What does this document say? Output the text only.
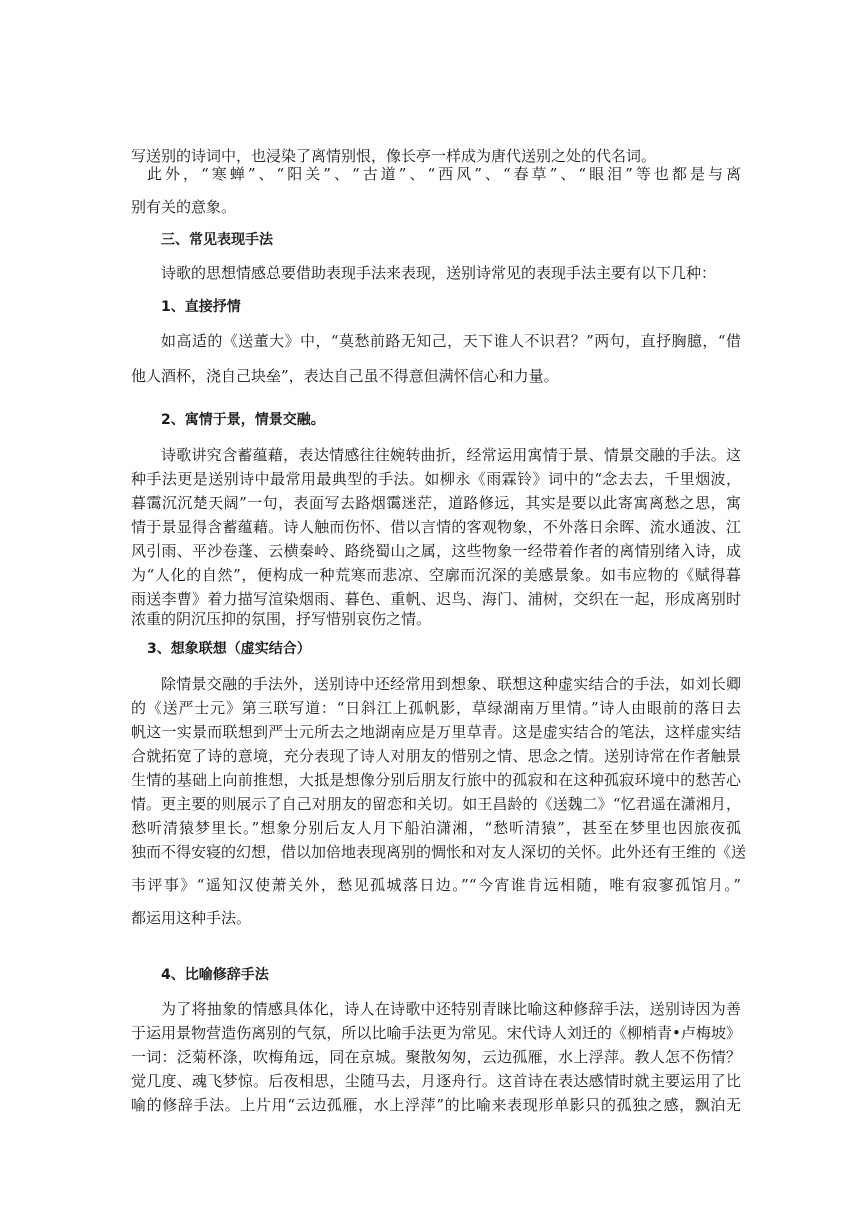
写送别的诗词中，也浸染了离情别恨，像长亭一样成为唐代送别之处的代名词。

此外，“寒蝉”、“阳关”、“古道”、“西风”、“春草”、“眼泪”等也都是与离

别有关的意象。

三、常见表现手法

诗歌的思想情感总要借助表现手法来表现，送别诗常见的表现手法主要有以下几种：

1、直接抒情

如高适的《送董大》中，“莫愁前路无知己，天下谁人不识君？”两句，直抒胸臆，“借

他人酒杯，浇自己块垒”，表达自己虽不得意但满怀信心和力量。

2、寓情于景，情景交融。

诗歌讲究含蓄蕴藉，表达情感往往婉转曲折，经常运用寓情于景、情景交融的手法。这

种手法更是送别诗中最常用最典型的手法。如柳永《雨霖铃》词中的“念去去，千里烟波，

暮霭沉沉楚天阔”一句，表面写去路烟霭迷茫，道路修远，其实是要以此寄寓离愁之思，寓

情于景显得含蓄蕴藉。诗人触而伤怀、借以言情的客观物象，不外落日余晖、流水通波、江

风引雨、平沙卷蓬、云横秦岭、路绕蜀山之属，这些物象一经带着作者的离情别绪入诗，成

为“人化的自然”，便构成一种荒寒而悲凉、空廓而沉深的美感景象。如韦应物的《赋得暮

雨送李曹》着力描写渲染烟雨、暮色、重帆、迟鸟、海门、浦树，交织在一起，形成离别时

浓重的阴沉压抑的氛围，抒写惜别哀伤之情。

3、想象联想（虚实结合）

除情景交融的手法外，送别诗中还经常用到想象、联想这种虚实结合的手法，如刘长卿

的《送严士元》第三联写道：“日斜江上孤帆影，草绿湖南万里情。”诗人由眼前的落日去

帆这一实景而联想到严士元所去之地湖南应是万里草青。这是虚实结合的笔法，这样虚实结

合就拓宽了诗的意境，充分表现了诗人对朋友的惜别之情、思念之情。送别诗常在作者触景

生情的基础上向前推想，大抵是想像分别后朋友行旅中的孤寂和在这种孤寂环境中的愁苦心

情。更主要的则展示了自己对朋友的留恋和关切。如王昌龄的《送魏二》“忆君遥在潇湘月，

愁听清猿梦里长。”想象分别后友人月下船泊潇湘，“愁听清猿”，甚至在梦里也因旅夜孤

独而不得安寝的幻想，借以加倍地表现离别的惆怅和对友人深切的关怀。此外还有王维的《送

韦评事》“遥知汉使萧关外，愁见孤城落日边。”“今宵谁肯远相随，唯有寂寥孤馆月。”

都运用这种手法。

4、比喻修辞手法

为了将抽象的情感具体化，诗人在诗歌中还特别青睐比喻这种修辞手法，送别诗因为善

于运用景物营造伤离别的气氛，所以比喻手法更为常见。宋代诗人刘迁的《柳梢青•卢梅坡》

一词：泛菊杯涤，吹梅角远，同在京城。聚散匆匆，云边孤雁，水上浮萍。教人怎不伤情？

觉几度、魂飞梦惊。后夜相思，尘随马去，月逐舟行。这首诗在表达感情时就主要运用了比

喻的修辞手法。上片用“云边孤雁，水上浮萍”的比喻来表现形单影只的孤独之感，飘泊无
